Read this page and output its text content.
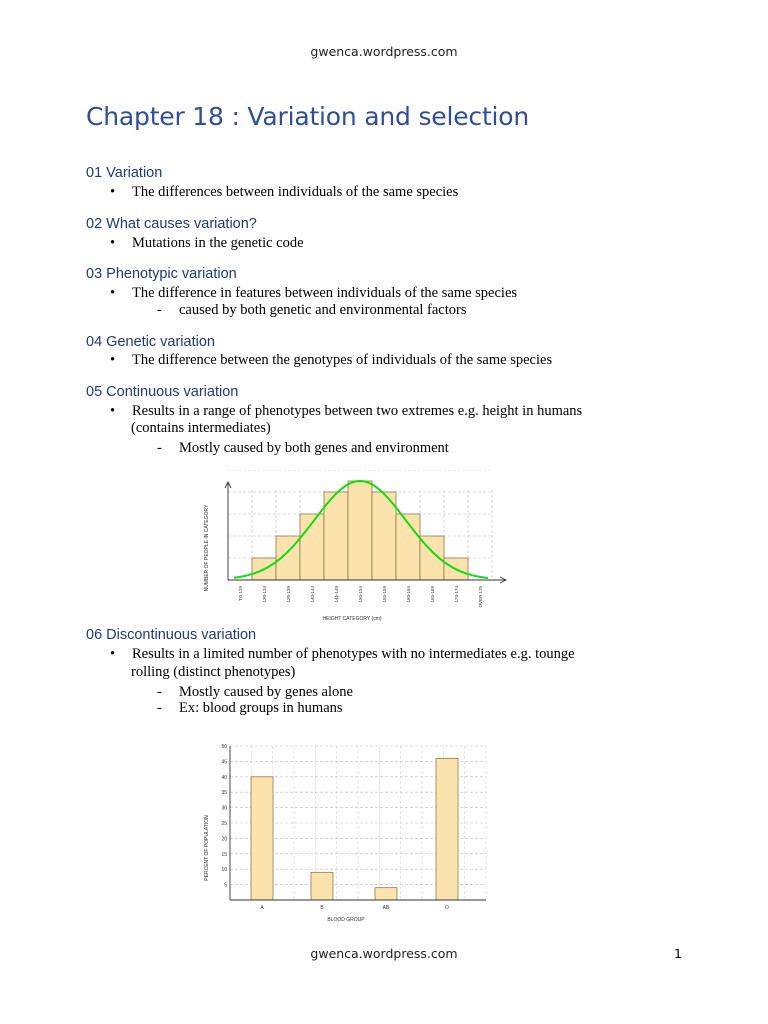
gwenca.wordpress.com
Chapter 18 : Variation and selection
01 Variation
• The differences between individuals of the same species
02 What causes variation?
• Mutations in the genetic code
03 Phenotypic variation
• The difference in features between individuals of the same species
- caused by both genetic and environmental factors
04 Genetic variation
• The difference between the genotypes of individuals of the same species
05 Continuous variation
• Results in a range of phenotypes between two extremes e.g. height in humans
(contains intermediates)
- Mostly caused by both genes and environment
TO 129	130-134	135-139	140-144	145-149	150-154	155-159	160-164	165-169	170-174	OVER 175
NUMBER OF PEOPLE IN CATEGORY
HEIGHT CATEGORY (cm)
06 Discontinuous variation
• Results in a limited number of phenotypes with no intermediates e.g. tounge
rolling (distinct phenotypes)
- Mostly caused by genes alone
- Ex: blood groups in humans
5
10
15
20
25
30
35
40
45
50
A	B	AB	O
PERCENT OF POPULATION
BLOOD GROUP
gwenca.wordpress.com	1
